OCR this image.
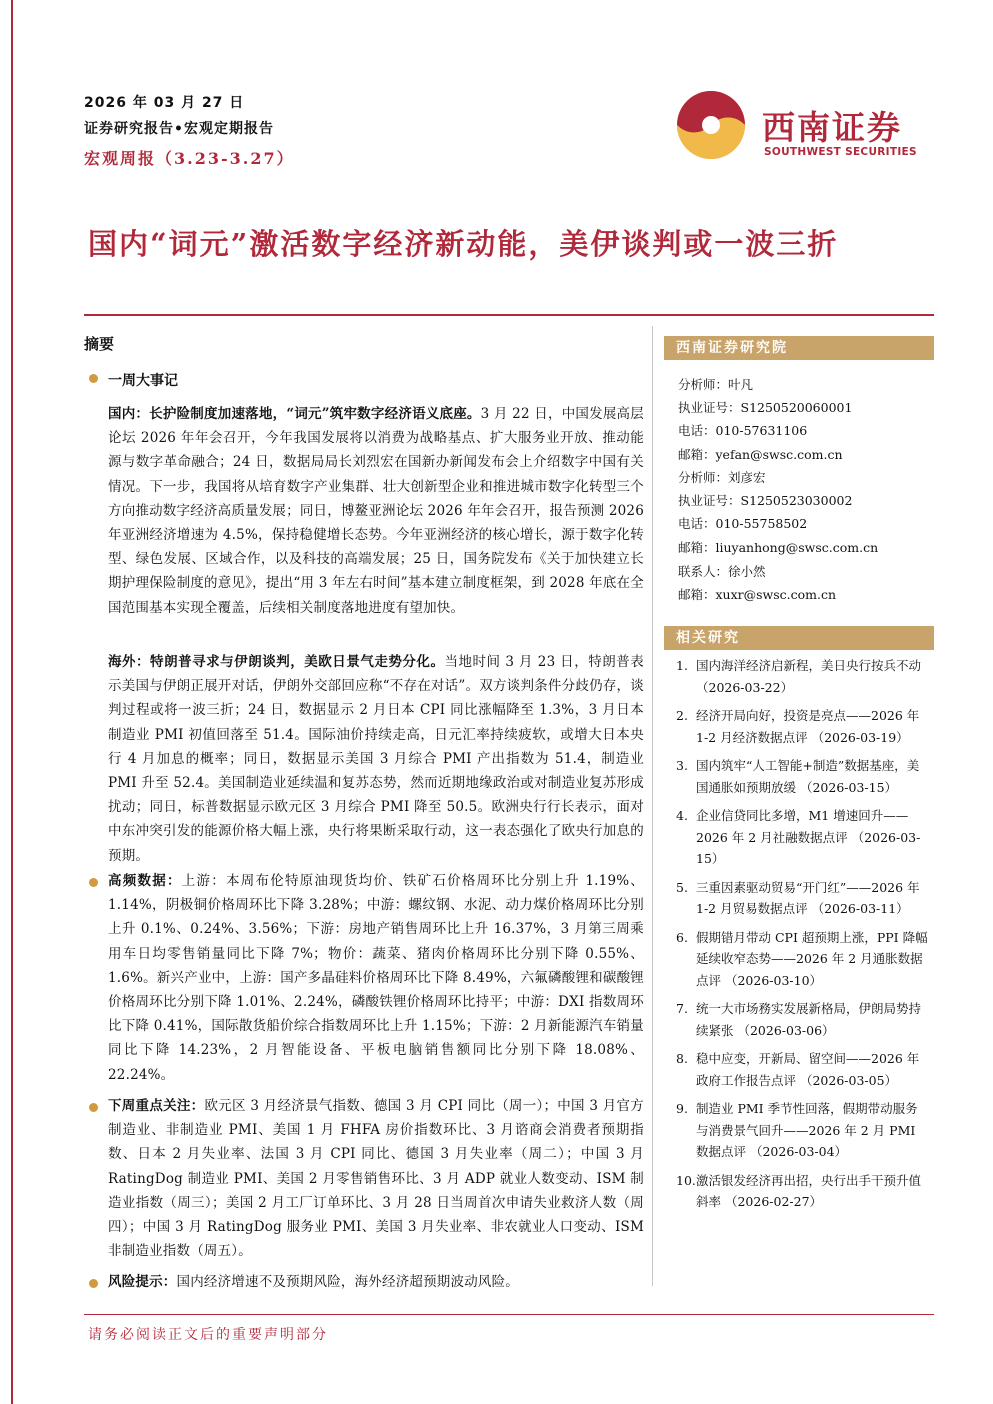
2026 年 03 月 27 日
证券研究报告•宏观定期报告
宏观周报（3.23-3.27）
西南证券
SOUTHWEST SECURITIES
国内“词元”激活数字经济新动能，美伊谈判或一波三折
摘要
一周大事记
国内：长护险制度加速落地，“词元”筑牢数字经济语义底座。3 月 22 日，中国发展高层论坛 2026 年年会召开，今年我国发展将以消费为战略基点、扩大服务业开放、推动能源与数字革命融合；24 日，数据局局长刘烈宏在国新办新闻发布会上介绍数字中国有关情况。下一步，我国将从培育数字产业集群、壮大创新型企业和推进城市数字化转型三个方向推动数字经济高质量发展；同日，博鳌亚洲论坛 2026 年年会召开，报告预测 2026 年亚洲经济增速为 4.5%，保持稳健增长态势。今年亚洲经济的核心增长，源于数字化转型、绿色发展、区域合作，以及科技的高端发展；25 日，国务院发布《关于加快建立长期护理保险制度的意见》，提出“用 3 年左右时间”基本建立制度框架，到 2028 年底在全国范围基本实现全覆盖，后续相关制度落地进度有望加快。
海外：特朗普寻求与伊朗谈判，美欧日景气走势分化。当地时间 3 月 23 日，特朗普表示美国与伊朗正展开对话，伊朗外交部回应称“不存在对话”。双方谈判条件分歧仍存，谈判过程或将一波三折；24 日，数据显示 2 月日本 CPI 同比涨幅降至 1.3%，3 月日本制造业 PMI 初值回落至 51.4。国际油价持续走高，日元汇率持续疲软，或增大日本央行 4 月加息的概率；同日，数据显示美国 3 月综合 PMI 产出指数为 51.4，制造业 PMI 升至 52.4。美国制造业延续温和复苏态势，然而近期地缘政治或对制造业复苏形成扰动；同日，标普数据显示欧元区 3 月综合 PMI 降至 50.5。欧洲央行行长表示，面对中东冲突引发的能源价格大幅上涨，央行将果断采取行动，这一表态强化了欧央行加息的预期。
高频数据：上游：本周布伦特原油现货均价、铁矿石价格周环比分别上升 1.19%、1.14%，阴极铜价格周环比下降 3.28%；中游：螺纹钢、水泥、动力煤价格周环比分别上升 0.1%、0.24%、3.56%；下游：房地产销售周环比上升 16.37%，3 月第三周乘用车日均零售销量同比下降 7%；物价：蔬菜、猪肉价格周环比分别下降 0.55%、1.6%。新兴产业中，上游：国产多晶硅料价格周环比下降 8.49%，六氟磷酸锂和碳酸锂价格周环比分别下降 1.01%、2.24%，磷酸铁锂价格周环比持平；中游：DXI 指数周环比下降 0.41%，国际散货船价综合指数周环比上升 1.15%；下游：2 月新能源汽车销量同比下降 14.23%，2 月智能设备、平板电脑销售额同比分别下降 18.08%、22.24%。
下周重点关注：欧元区 3 月经济景气指数、德国 3 月 CPI 同比（周一）；中国 3 月官方制造业、非制造业 PMI、美国 1 月 FHFA 房价指数环比、3 月谘商会消费者预期指数、日本 2 月失业率、法国 3 月 CPI 同比、德国 3 月失业率（周二）；中国 3 月 RatingDog 制造业 PMI、美国 2 月零售销售环比、3 月 ADP 就业人数变动、ISM 制造业指数（周三）；美国 2 月工厂订单环比、3 月 28 日当周首次申请失业救济人数（周四）；中国 3 月 RatingDog 服务业 PMI、美国 3 月失业率、非农就业人口变动、ISM 非制造业指数（周五）。
风险提示：国内经济增速不及预期风险，海外经济超预期波动风险。
西南证券研究院
分析师：叶凡
执业证号：S1250520060001
电话：010-57631106
邮箱：yefan@swsc.com.cn
分析师：刘彦宏
执业证号：S1250523030002
电话：010-55758502
邮箱：liuyanhong@swsc.com.cn
联系人：徐小然
邮箱：xuxr@swsc.com.cn
相关研究
1. 国内海洋经济启新程，美日央行按兵不动 （2026-03-22）
2. 经济开局向好，投资是亮点——2026 年 1-2 月经济数据点评 （2026-03-19）
3. 国内筑牢“人工智能+制造”数据基座，美国通胀如预期放缓 （2026-03-15）
4. 企业信贷同比多增，M1 增速回升——2026 年 2 月社融数据点评 （2026-03-15）
5. 三重因素驱动贸易“开门红”——2026 年 1-2 月贸易数据点评 （2026-03-11）
6. 假期错月带动 CPI 超预期上涨，PPI 降幅延续收窄态势——2026 年 2 月通胀数据点评 （2026-03-10）
7. 统一大市场務实发展新格局，伊朗局势持续紧张 （2026-03-06）
8. 稳中应变，开新局、留空间——2026 年政府工作报告点评 （2026-03-05）
9. 制造业 PMI 季节性回落，假期带动服务与消费景气回升——2026 年 2 月 PMI 数据点评 （2026-03-04）
10. 激活银发经济再出招，央行出手干预升值斜率 （2026-02-27）
请务必阅读正文后的重要声明部分
